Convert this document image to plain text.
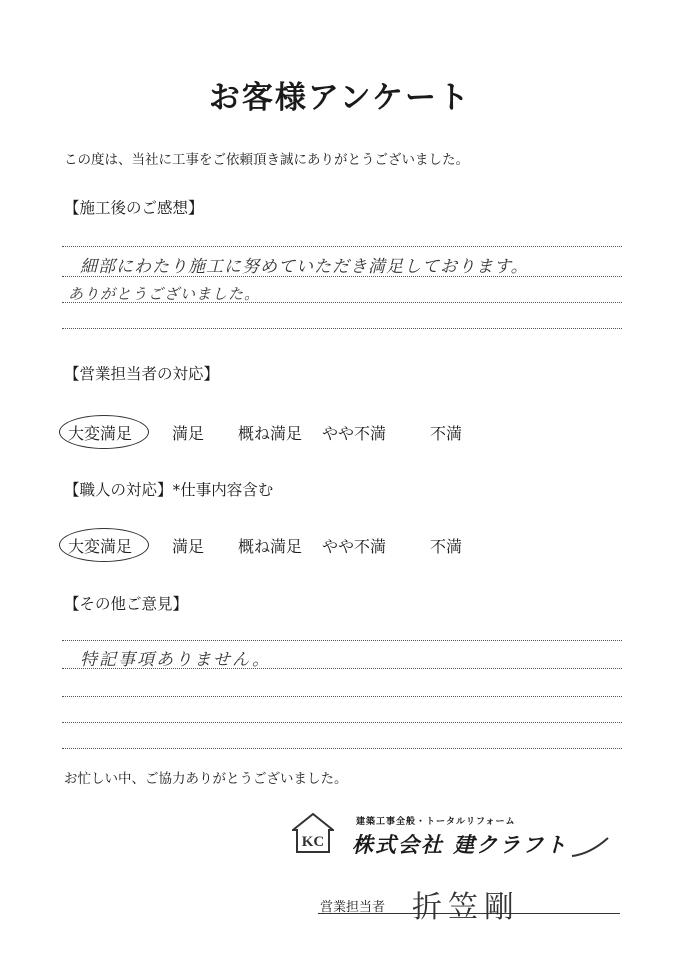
お客様アンケート
この度は、当社に工事をご依頼頂き誠にありがとうございました。
【施工後のご感想】
細部にわたり施工に努めていただき満足しております。
ありがとうございました。
【営業担当者の対応】
大変満足 満足 概ね満足 やや不満	不満
【職人の対応】*仕事内容含む
大変満足 満足 概ね満足 やや不満	不満
【その他ご意見】
特記事項ありません。
お忙しい中、ご協力ありがとうございました。
KC
建築工事全般・トータルリフォーム
株式会社 建クラフト
営業担当者 折笠剛
